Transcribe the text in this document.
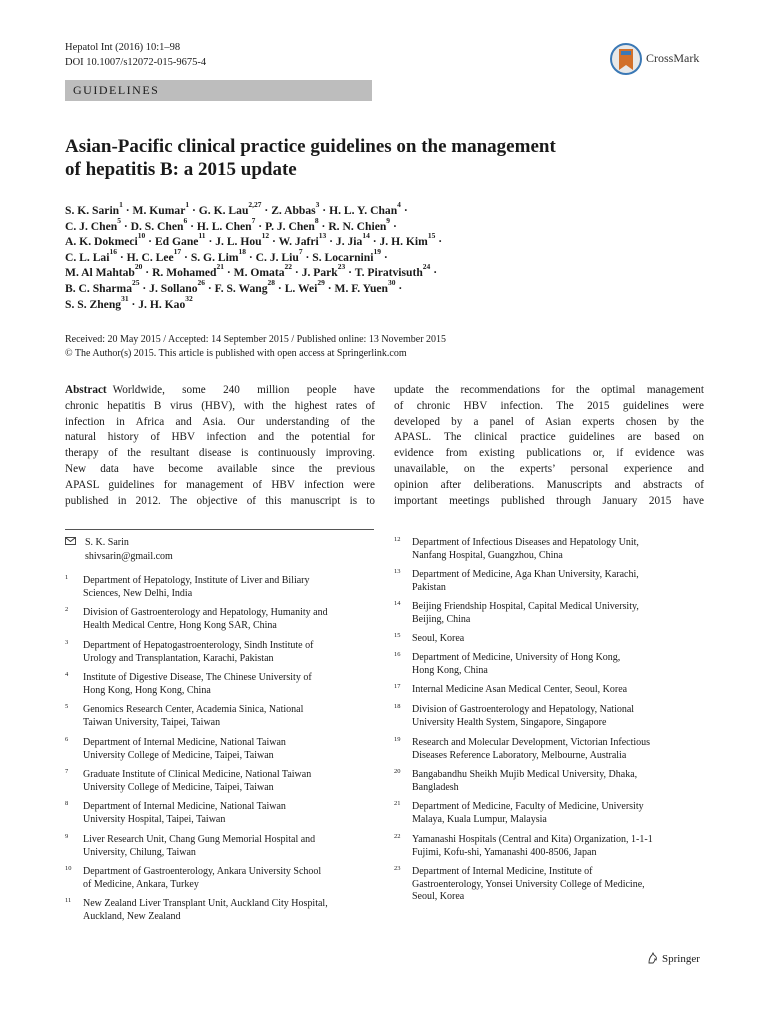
Hepatol Int (2016) 10:1–98
DOI 10.1007/s12072-015-9675-4	CrossMark
GUIDELINES
Asian-Pacific clinical practice guidelines on the management
of hepatitis B: a 2015 update
S. K. Sarin$^1$ · M. Kumar$^1$ · G. K. Lau$^{2,27}$ · Z. Abbas$^3$ · H. L. Y. Chan$^4$ ·
C. J. Chen$^5$ · D. S. Chen$^6$ · H. L. Chen$^7$ · P. J. Chen$^8$ · R. N. Chien$^9$ ·
A. K. Dokmeci$^{10}$ · Ed Gane$^{11}$ · J. L. Hou$^{12}$ · W. Jafri$^{13}$ · J. Jia$^{14}$ · J. H. Kim$^{15}$ ·
C. L. Lai$^{16}$ · H. C. Lee$^{17}$ · S. G. Lim$^{18}$ · C. J. Liu$^7$ · S. Locarnini$^{19}$ ·
M. Al Mahtab$^{20}$ · R. Mohamed$^{21}$ · M. Omata$^{22}$ · J. Park$^{23}$ · T. Piratvisuth$^{24}$ ·
B. C. Sharma$^{25}$ · J. Sollano$^{26}$ · F. S. Wang$^{28}$ · L. Wei$^{29}$ · M. F. Yuen$^{30}$ ·
S. S. Zheng$^{31}$ · J. H. Kao$^{32}$
Received: 20 May 2015 / Accepted: 14 September 2015 / Published online: 13 November 2015
© The Author(s) 2015. This article is published with open access at Springerlink.com
Abstract Worldwide, some 240 million people have
chronic hepatitis B virus (HBV), with the highest rates of
infection in Africa and Asia. Our understanding of the
natural history of HBV infection and the potential for
therapy of the resultant disease is continuously improving.
New data have become available since the previous
APASL guidelines for management of HBV infection were
published in 2012. The objective of this manuscript is to
update the recommendations for the optimal management
of chronic HBV infection. The 2015 guidelines were
developed by a panel of Asian experts chosen by the
APASL. The clinical practice guidelines are based on
evidence from existing publications or, if evidence was
unavailable, on the experts’ personal experience and
opinion after deliberations. Manuscripts and abstracts of
important meetings published through January 2015 have
S. K. Sarin
shivsarin@gmail.com
1 Department of Hepatology, Institute of Liver and Biliary
Sciences, New Delhi, India
2 Division of Gastroenterology and Hepatology, Humanity and
Health Medical Centre, Hong Kong SAR, China
3 Department of Hepatogastroenterology, Sindh Institute of
Urology and Transplantation, Karachi, Pakistan
4 Institute of Digestive Disease, The Chinese University of
Hong Kong, Hong Kong, China
5 Genomics Research Center, Academia Sinica, National
Taiwan University, Taipei, Taiwan
6 Department of Internal Medicine, National Taiwan
University College of Medicine, Taipei, Taiwan
7 Graduate Institute of Clinical Medicine, National Taiwan
University College of Medicine, Taipei, Taiwan
8 Department of Internal Medicine, National Taiwan
University Hospital, Taipei, Taiwan
9 Liver Research Unit, Chang Gung Memorial Hospital and
University, Chilung, Taiwan
10 Department of Gastroenterology, Ankara University School
of Medicine, Ankara, Turkey
11 New Zealand Liver Transplant Unit, Auckland City Hospital,
Auckland, New Zealand
12 Department of Infectious Diseases and Hepatology Unit,
Nanfang Hospital, Guangzhou, China
13 Department of Medicine, Aga Khan University, Karachi,
Pakistan
14 Beijing Friendship Hospital, Capital Medical University,
Beijing, China
15 Seoul, Korea
16 Department of Medicine, University of Hong Kong,
Hong Kong, China
17 Internal Medicine Asan Medical Center, Seoul, Korea
18 Division of Gastroenterology and Hepatology, National
University Health System, Singapore, Singapore
19 Research and Molecular Development, Victorian Infectious
Diseases Reference Laboratory, Melbourne, Australia
20 Bangabandhu Sheikh Mujib Medical University, Dhaka,
Bangladesh
21 Department of Medicine, Faculty of Medicine, University
Malaya, Kuala Lumpur, Malaysia
22 Yamanashi Hospitals (Central and Kita) Organization, 1-1-1
Fujimi, Kofu-shi, Yamanashi 400-8506, Japan
23 Department of Internal Medicine, Institute of
Gastroenterology, Yonsei University College of Medicine,
Seoul, Korea
Springer
